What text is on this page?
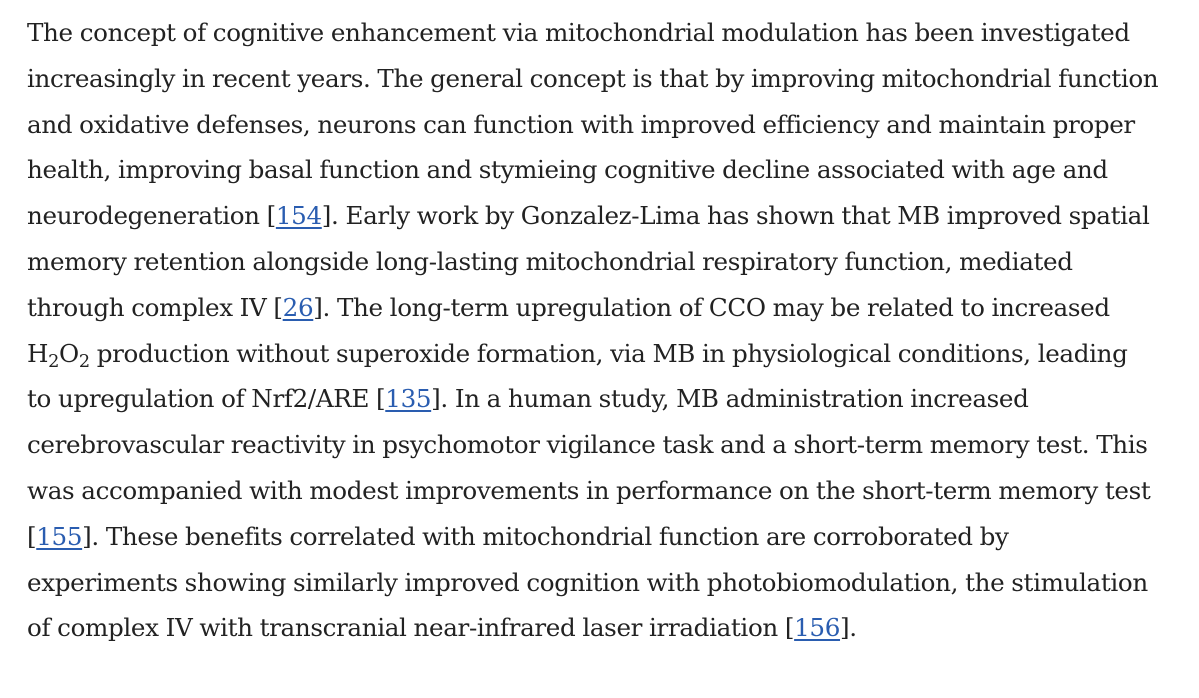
The concept of cognitive enhancement via mitochondrial modulation has been investigated
increasingly in recent years. The general concept is that by improving mitochondrial function
and oxidative defenses, neurons can function with improved efficiency and maintain proper
health, improving basal function and stymieing cognitive decline associated with age and
neurodegeneration [154]. Early work by Gonzalez-Lima has shown that MB improved spatial
memory retention alongside long-lasting mitochondrial respiratory function, mediated
through complex IV [26]. The long-term upregulation of CCO may be related to increased
$H_2O_2$ production without superoxide formation, via MB in physiological conditions, leading
to upregulation of Nrf2/ARE [135]. In a human study, MB administration increased
cerebrovascular reactivity in psychomotor vigilance task and a short-term memory test. This
was accompanied with modest improvements in performance on the short-term memory test
[155]. These benefits correlated with mitochondrial function are corroborated by
experiments showing similarly improved cognition with photobiomodulation, the stimulation
of complex IV with transcranial near-infrared laser irradiation [156].
